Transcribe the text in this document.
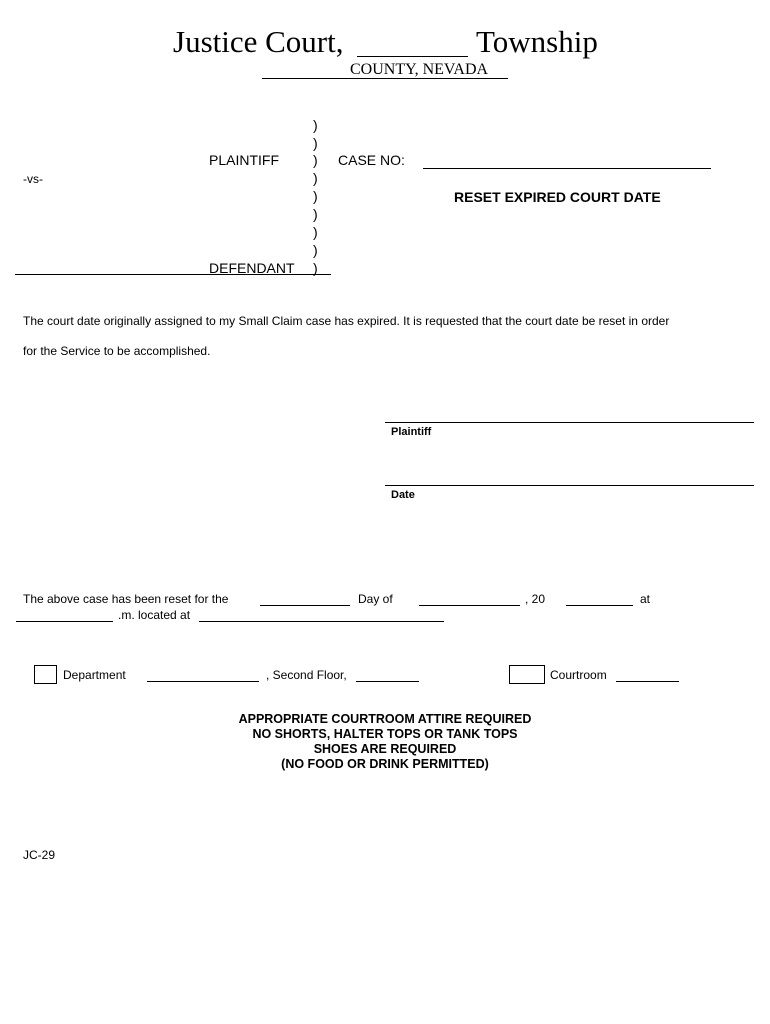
Justice Court,	Township
COUNTY, NEVADA
)
)
)
)
)
)
)
)
)
PLAINTIFF
-vs-
DEFENDANT
CASE NO:
RESET EXPIRED COURT DATE
The court date originally assigned to my Small Claim case has expired. It is requested that the court date be reset in order
for the Service to be accomplished.
Plaintiff
Date
The above case has been reset for the	Day of	, 20	at
.m. located at
Department	, Second Floor,	Courtroom
APPROPRIATE COURTROOM ATTIRE REQUIRED
NO SHORTS, HALTER TOPS OR TANK TOPS
SHOES ARE REQUIRED
(NO FOOD OR DRINK PERMITTED)
JC-29
